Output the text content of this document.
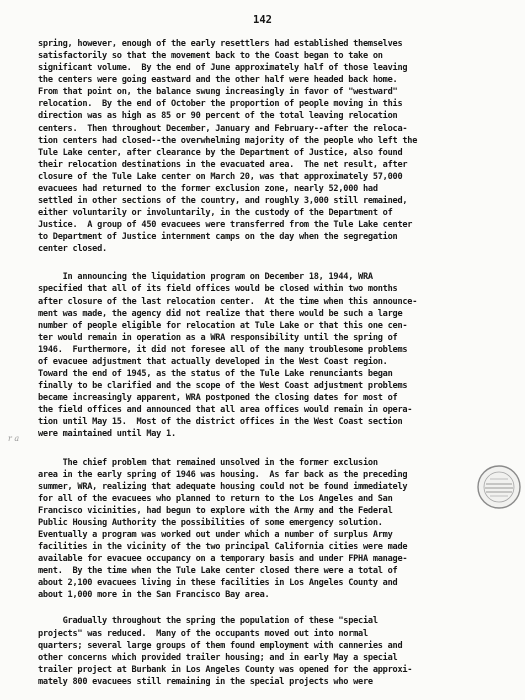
142
r a

spring, however, enough of the early resettlers had established themselves
satisfactorily so that the movement back to the Coast began to take on
significant volume.  By the end of June approximately half of those leaving
the centers were going eastward and the other half were headed back home.
From that point on, the balance swung increasingly in favor of "westward"
relocation.  By the end of October the proportion of people moving in this
direction was as high as 85 or 90 percent of the total leaving relocation
centers.  Then throughout December, January and February--after the reloca-
tion centers had closed--the overwhelming majority of the people who left the
Tule Lake center, after clearance by the Department of Justice, also found
their relocation destinations in the evacuated area.  The net result, after
closure of the Tule Lake center on March 20, was that approximately 57,000
evacuees had returned to the former exclusion zone, nearly 52,000 had
settled in other sections of the country, and roughly 3,000 still remained,
either voluntarily or involuntarily, in the custody of the Department of
Justice.  A group of 450 evacuees were transferred from the Tule Lake center
to Department of Justice internment camps on the day when the segregation
center closed.

In announcing the liquidation program on December 18, 1944, WRA
specified that all of its field offices would be closed within two months
after closure of the last relocation center.  At the time when this announce-
ment was made, the agency did not realize that there would be such a large
number of people eligible for relocation at Tule Lake or that this one cen-
ter would remain in operation as a WRA responsibility until the spring of
1946.  Furthermore, it did not foresee all of the many troublesome problems
of evacuee adjustment that actually developed in the West Coast region.
Toward the end of 1945, as the status of the Tule Lake renunciants began
finally to be clarified and the scope of the West Coast adjustment problems
became increasingly apparent, WRA postponed the closing dates for most of
the field offices and announced that all area offices would remain in opera-
tion until May 15.  Most of the district offices in the West Coast section
were maintained until May 1.

The chief problem that remained unsolved in the former exclusion
area in the early spring of 1946 was housing.  As far back as the preceding
summer, WRA, realizing that adequate housing could not be found immediately
for all of the evacuees who planned to return to the Los Angeles and San
Francisco vicinities, had begun to explore with the Army and the Federal
Public Housing Authority the possibilities of some emergency solution.
Eventually a program was worked out under which a number of surplus Army
facilities in the vicinity of the two principal California cities were made
available for evacuee occupancy on a temporary basis and under FPHA manage-
ment.  By the time when the Tule Lake center closed there were a total of
about 2,100 evacuees living in these facilities in Los Angeles County and
about 1,000 more in the San Francisco Bay area.

Gradually throughout the spring the population of these "special
projects" was reduced.  Many of the occupants moved out into normal
quarters; several large groups of them found employment with canneries and
other concerns which provided trailer housing; and in early May a special
trailer project at Burbank in Los Angeles County was opened for the approxi-
mately 800 evacuees still remaining in the special projects who were
